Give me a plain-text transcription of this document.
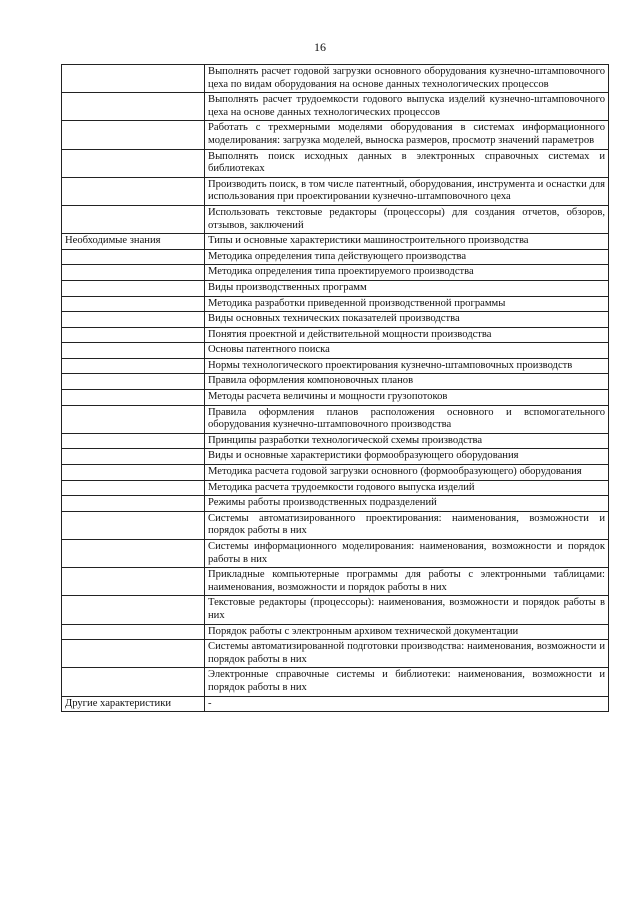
16
	Выполнять расчет годовой загрузки основного оборудования кузнечно-штамповочного цеха по видам оборудования на основе данных технологических процессов
	Выполнять расчет трудоемкости годового выпуска изделий кузнечно-штамповочного цеха на основе данных технологических процессов
	Работать с трехмерными моделями оборудования в системах информационного моделирования: загрузка моделей, выноска размеров, просмотр значений параметров
	Выполнять поиск исходных данных в электронных справочных системах и библиотеках
	Производить поиск, в том числе патентный, оборудования, инструмента и оснастки для использования при проектировании кузнечно-штамповочного цеха
	Использовать текстовые редакторы (процессоры) для создания отчетов, обзоров, отзывов, заключений
Необходимые знания	Типы и основные характеристики машиностроительного производства
	Методика определения типа действующего производства
	Методика определения типа проектируемого производства
	Виды производственных программ
	Методика разработки приведенной производственной программы
	Виды основных технических показателей производства
	Понятия проектной и действительной мощности производства
	Основы патентного поиска
	Нормы технологического проектирования кузнечно-штамповочных производств
	Правила оформления компоновочных планов
	Методы расчета величины и мощности грузопотоков
	Правила оформления планов расположения основного и вспомогательного оборудования кузнечно-штамповочного производства
	Принципы разработки технологической схемы производства
	Виды и основные характеристики формообразующего оборудования
	Методика расчета годовой загрузки основного (формообразующего) оборудования
	Методика расчета трудоемкости годового выпуска изделий
	Режимы работы производственных подразделений
	Системы автоматизированного проектирования: наименования, возможности и порядок работы в них
	Системы информационного моделирования: наименования, возможности и порядок работы в них
	Прикладные компьютерные программы для работы с электронными таблицами: наименования, возможности и порядок работы в них
	Текстовые редакторы (процессоры): наименования, возможности и порядок работы в них
	Порядок работы с электронным архивом технической документации
	Системы автоматизированной подготовки производства: наименования, возможности и порядок работы в них
	Электронные справочные системы и библиотеки: наименования, возможности и порядок работы в них
Другие характеристики	-
